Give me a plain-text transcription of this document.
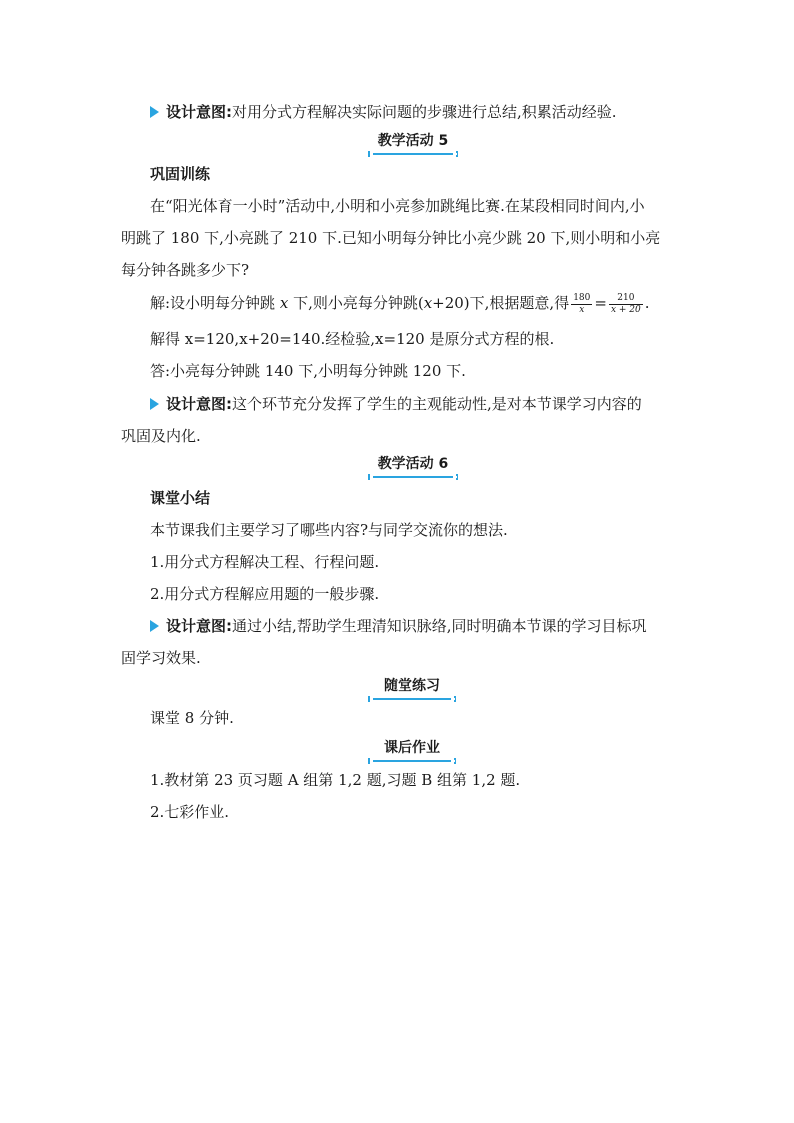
设计意图:对用分式方程解决实际问题的步骤进行总结,积累活动经验.
教学活动 5
巩固训练
在“阳光体育一小时”活动中,小明和小亮参加跳绳比赛.在某段相同时间内,小
明跳了 180 下,小亮跳了 210 下.已知小明每分钟比小亮少跳 20 下,则小明和小亮
每分钟各跳多少下?
解:设小明每分钟跳 x 下,则小亮每分钟跳(x+20)下,根据题意,得 $\frac{180}{x} = \frac{210}{x + 20}$ .
解得 x=120,x+20=140.经检验,x=120 是原分式方程的根.
答:小亮每分钟跳 140 下,小明每分钟跳 120 下.
设计意图:这个环节充分发挥了学生的主观能动性,是对本节课学习内容的
巩固及内化.
教学活动 6
课堂小结
本节课我们主要学习了哪些内容?与同学交流你的想法.
1.用分式方程解决工程、行程问题.
2.用分式方程解应用题的一般步骤.
设计意图:通过小结,帮助学生理清知识脉络,同时明确本节课的学习目标巩
固学习效果.
随堂练习
课堂 8 分钟.
课后作业
1.教材第 23 页习题 A 组第 1,2 题,习题 B 组第 1,2 题.
2.七彩作业.
